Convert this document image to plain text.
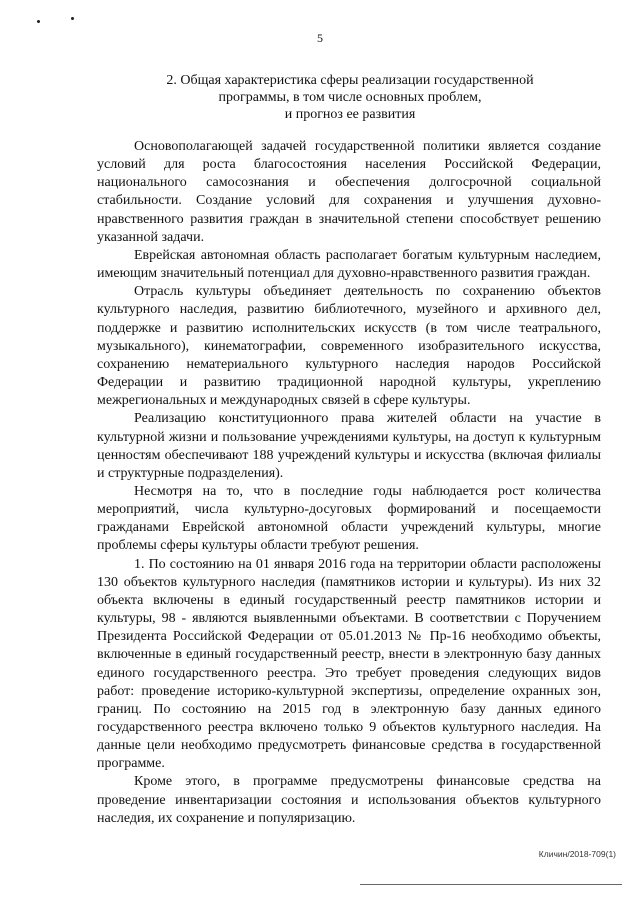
5
2. Общая характеристика сферы реализации государственной
программы, в том числе основных проблем,
и прогноз ее развития

Основополагающей задачей государственной политики является создание условий для роста благосостояния населения Российской Федерации, национального самосознания и обеспечения долгосрочной социальной стабильности. Создание условий для сохранения и улучшения духовно-нравственного развития граждан в значительной степени способствует решению указанной задачи.

Еврейская автономная область располагает богатым культурным наследием, имеющим значительный потенциал для духовно-нравственного развития граждан.

Отрасль культуры объединяет деятельность по сохранению объектов культурного наследия, развитию библиотечного, музейного и архивного дел, поддержке и развитию исполнительских искусств (в том числе театрального, музыкального), кинематографии, современного изобразительного искусства, сохранению нематериального культурного наследия народов Российской Федерации и развитию традиционной народной культуры, укреплению межрегиональных и международных связей в сфере культуры.

Реализацию конституционного права жителей области на участие в культурной жизни и пользование учреждениями культуры, на доступ к культурным ценностям обеспечивают 188 учреждений культуры и искусства (включая филиалы и структурные подразделения).

Несмотря на то, что в последние годы наблюдается рост количества мероприятий, числа культурно-досуговых формирований и посещаемости гражданами Еврейской автономной области учреждений культуры, многие проблемы сферы культуры области требуют решения.

1. По состоянию на 01 января 2016 года на территории области расположены 130 объектов культурного наследия (памятников истории и культуры). Из них 32 объекта включены в единый государственный реестр памятников истории и культуры, 98 - являются выявленными объектами. В соответствии с Поручением Президента Российской Федерации от 05.01.2013 № Пр-16 необходимо объекты, включенные в единый государственный реестр, внести в электронную базу данных единого государственного реестра. Это требует проведения следующих видов работ: проведение историко-культурной экспертизы, определение охранных зон, границ. По состоянию на 2015 год в электронную базу данных единого государственного реестра включено только 9 объектов культурного наследия. На данные цели необходимо предусмотреть финансовые средства в государственной программе.

Кроме этого, в программе предусмотрены финансовые средства на проведение инвентаризации состояния и использования объектов культурного наследия, их сохранение и популяризацию.

Кличин/2018-709(1)
